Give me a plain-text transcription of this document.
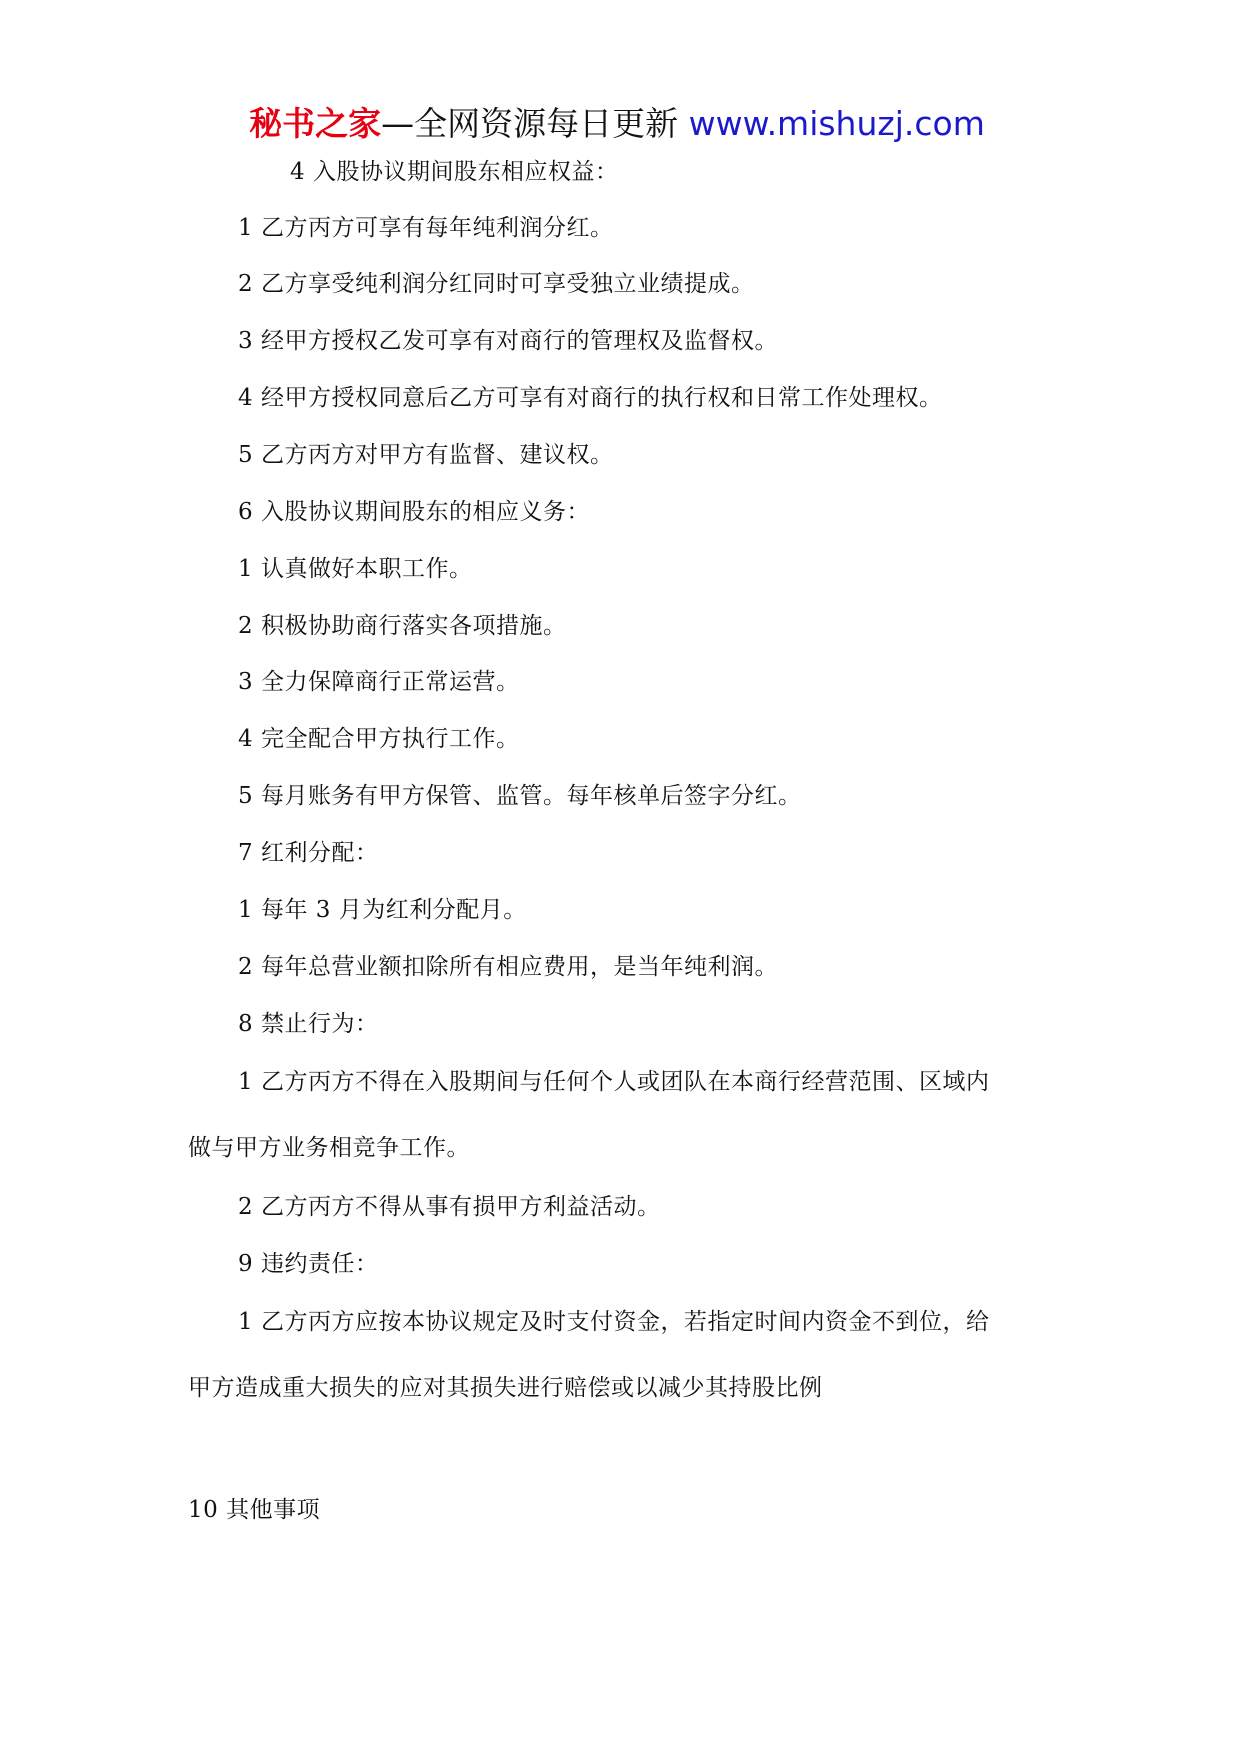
秘书之家—全网资源每日更新 www.mishuzj.com
4 入股协议期间股东相应权益：
1 乙方丙方可享有每年纯利润分红。
2 乙方享受纯利润分红同时可享受独立业绩提成。
3 经甲方授权乙发可享有对商行的管理权及监督权。
4 经甲方授权同意后乙方可享有对商行的执行权和日常工作处理权。
5 乙方丙方对甲方有监督、建议权。
6 入股协议期间股东的相应义务：
1 认真做好本职工作。
2 积极协助商行落实各项措施。
3 全力保障商行正常运营。
4 完全配合甲方执行工作。
5 每月账务有甲方保管、监管。每年核单后签字分红。
7 红利分配：
1 每年 3 月为红利分配月。
2 每年总营业额扣除所有相应费用，是当年纯利润。
8 禁止行为：
1 乙方丙方不得在入股期间与任何个人或团队在本商行经营范围、区域内
做与甲方业务相竞争工作。
2 乙方丙方不得从事有损甲方利益活动。
9 违约责任：
1 乙方丙方应按本协议规定及时支付资金，若指定时间内资金不到位，给
甲方造成重大损失的应对其损失进行赔偿或以减少其持股比例
10 其他事项
